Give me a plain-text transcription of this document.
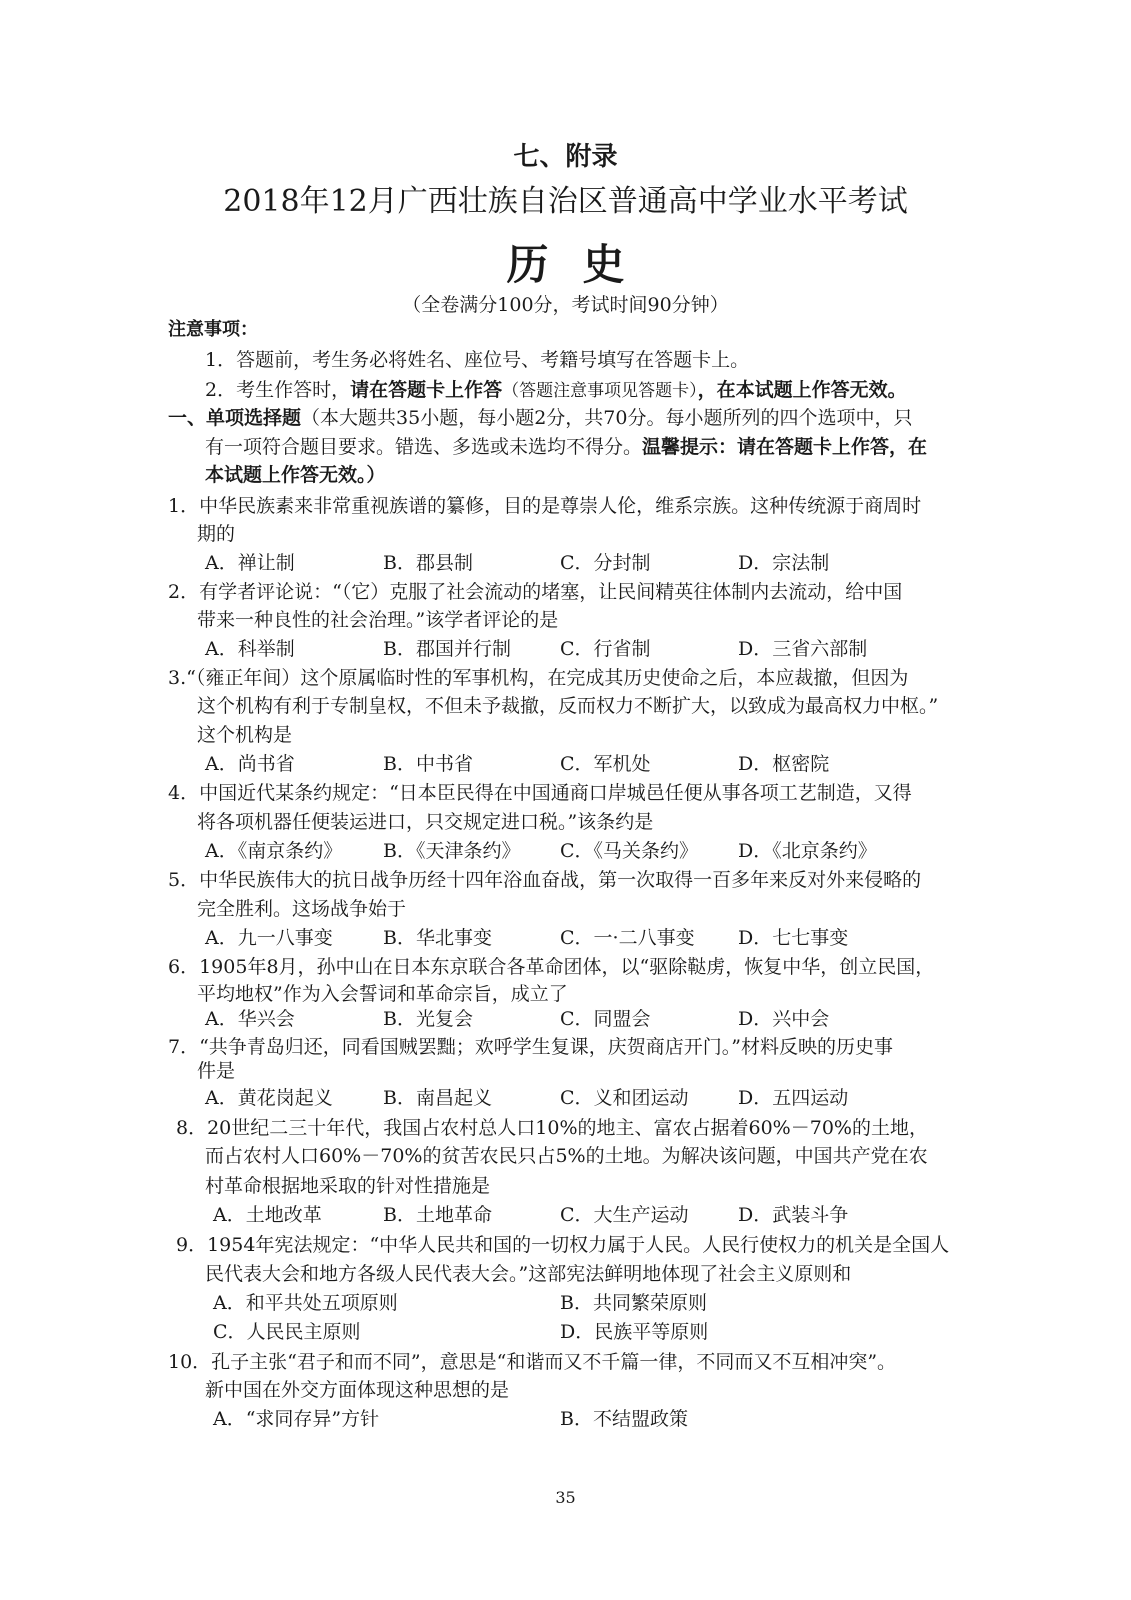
七、附录
2018年12月广西壮族自治区普通高中学业水平考试
历史
（全卷满分100分，考试时间90分钟）
注意事项：
1．答题前，考生务必将姓名、座位号、考籍号填写在答题卡上。
2．考生作答时，请在答题卡上作答（答题注意事项见答题卡），在本试题上作答无效。
一、单项选择题（本大题共35小题，每小题2分，共70分。每小题所列的四个选项中，只
有一项符合题目要求。错选、多选或未选均不得分。温馨提示：请在答题卡上作答，在
本试题上作答无效。）
1．中华民族素来非常重视族谱的纂修，目的是尊崇人伦，维系宗族。这种传统源于商周时
期的
A．禅让制	B．郡县制	C．分封制	D．宗法制
2．有学者评论说：“（它）克服了社会流动的堵塞，让民间精英往体制内去流动，给中国
带来一种良性的社会治理。”该学者评论的是
A．科举制	B．郡国并行制	C．行省制	D．三省六部制
3.“（雍正年间）这个原属临时性的军事机构，在完成其历史使命之后，本应裁撤，但因为
这个机构有利于专制皇权，不但未予裁撤，反而权力不断扩大，以致成为最高权力中枢。”
这个机构是
A．尚书省	B．中书省	C．军机处	D．枢密院
4．中国近代某条约规定：“日本臣民得在中国通商口岸城邑任便从事各项工艺制造，又得
将各项机器任便装运进口，只交规定进口税。”该条约是
A．《南京条约》 B．《天津条约》 C．《马关条约》 D．《北京条约》
5．中华民族伟大的抗日战争历经十四年浴血奋战，第一次取得一百多年来反对外来侵略的
完全胜利。这场战争始于
A．九一八事变	B．华北事变	C．一·二八事变 D．七七事变
6．1905年8月，孙中山在日本东京联合各革命团体，以“驱除鞑虏，恢复中华，创立民国，
平均地权”作为入会誓词和革命宗旨，成立了
A．华兴会	B．光复会	C．同盟会	D．兴中会
7．“共争青岛归还，同看国贼罢黜；欢呼学生复课，庆贺商店开门。”材料反映的历史事
件是
A．黄花岗起义	B．南昌起义	C．义和团运动	D．五四运动
8．20世纪二三十年代，我国占农村总人口10%的地主、富农占据着60%－70%的土地，
而占农村人口60%－70%的贫苦农民只占5%的土地。为解决该问题，中国共产党在农
村革命根据地采取的针对性措施是
A．土地改革	B．土地革命	C．大生产运动	D．武装斗争
9．1954年宪法规定：“中华人民共和国的一切权力属于人民。人民行使权力的机关是全国人
民代表大会和地方各级人民代表大会。”这部宪法鲜明地体现了社会主义原则和
A．和平共处五项原则	B．共同繁荣原则
C．人民民主原则	D．民族平等原则
10．孔子主张“君子和而不同”，意思是“和谐而又不千篇一律，不同而又不互相冲突”。
新中国在外交方面体现这种思想的是
A．“求同存异”方针	B．不结盟政策
35
